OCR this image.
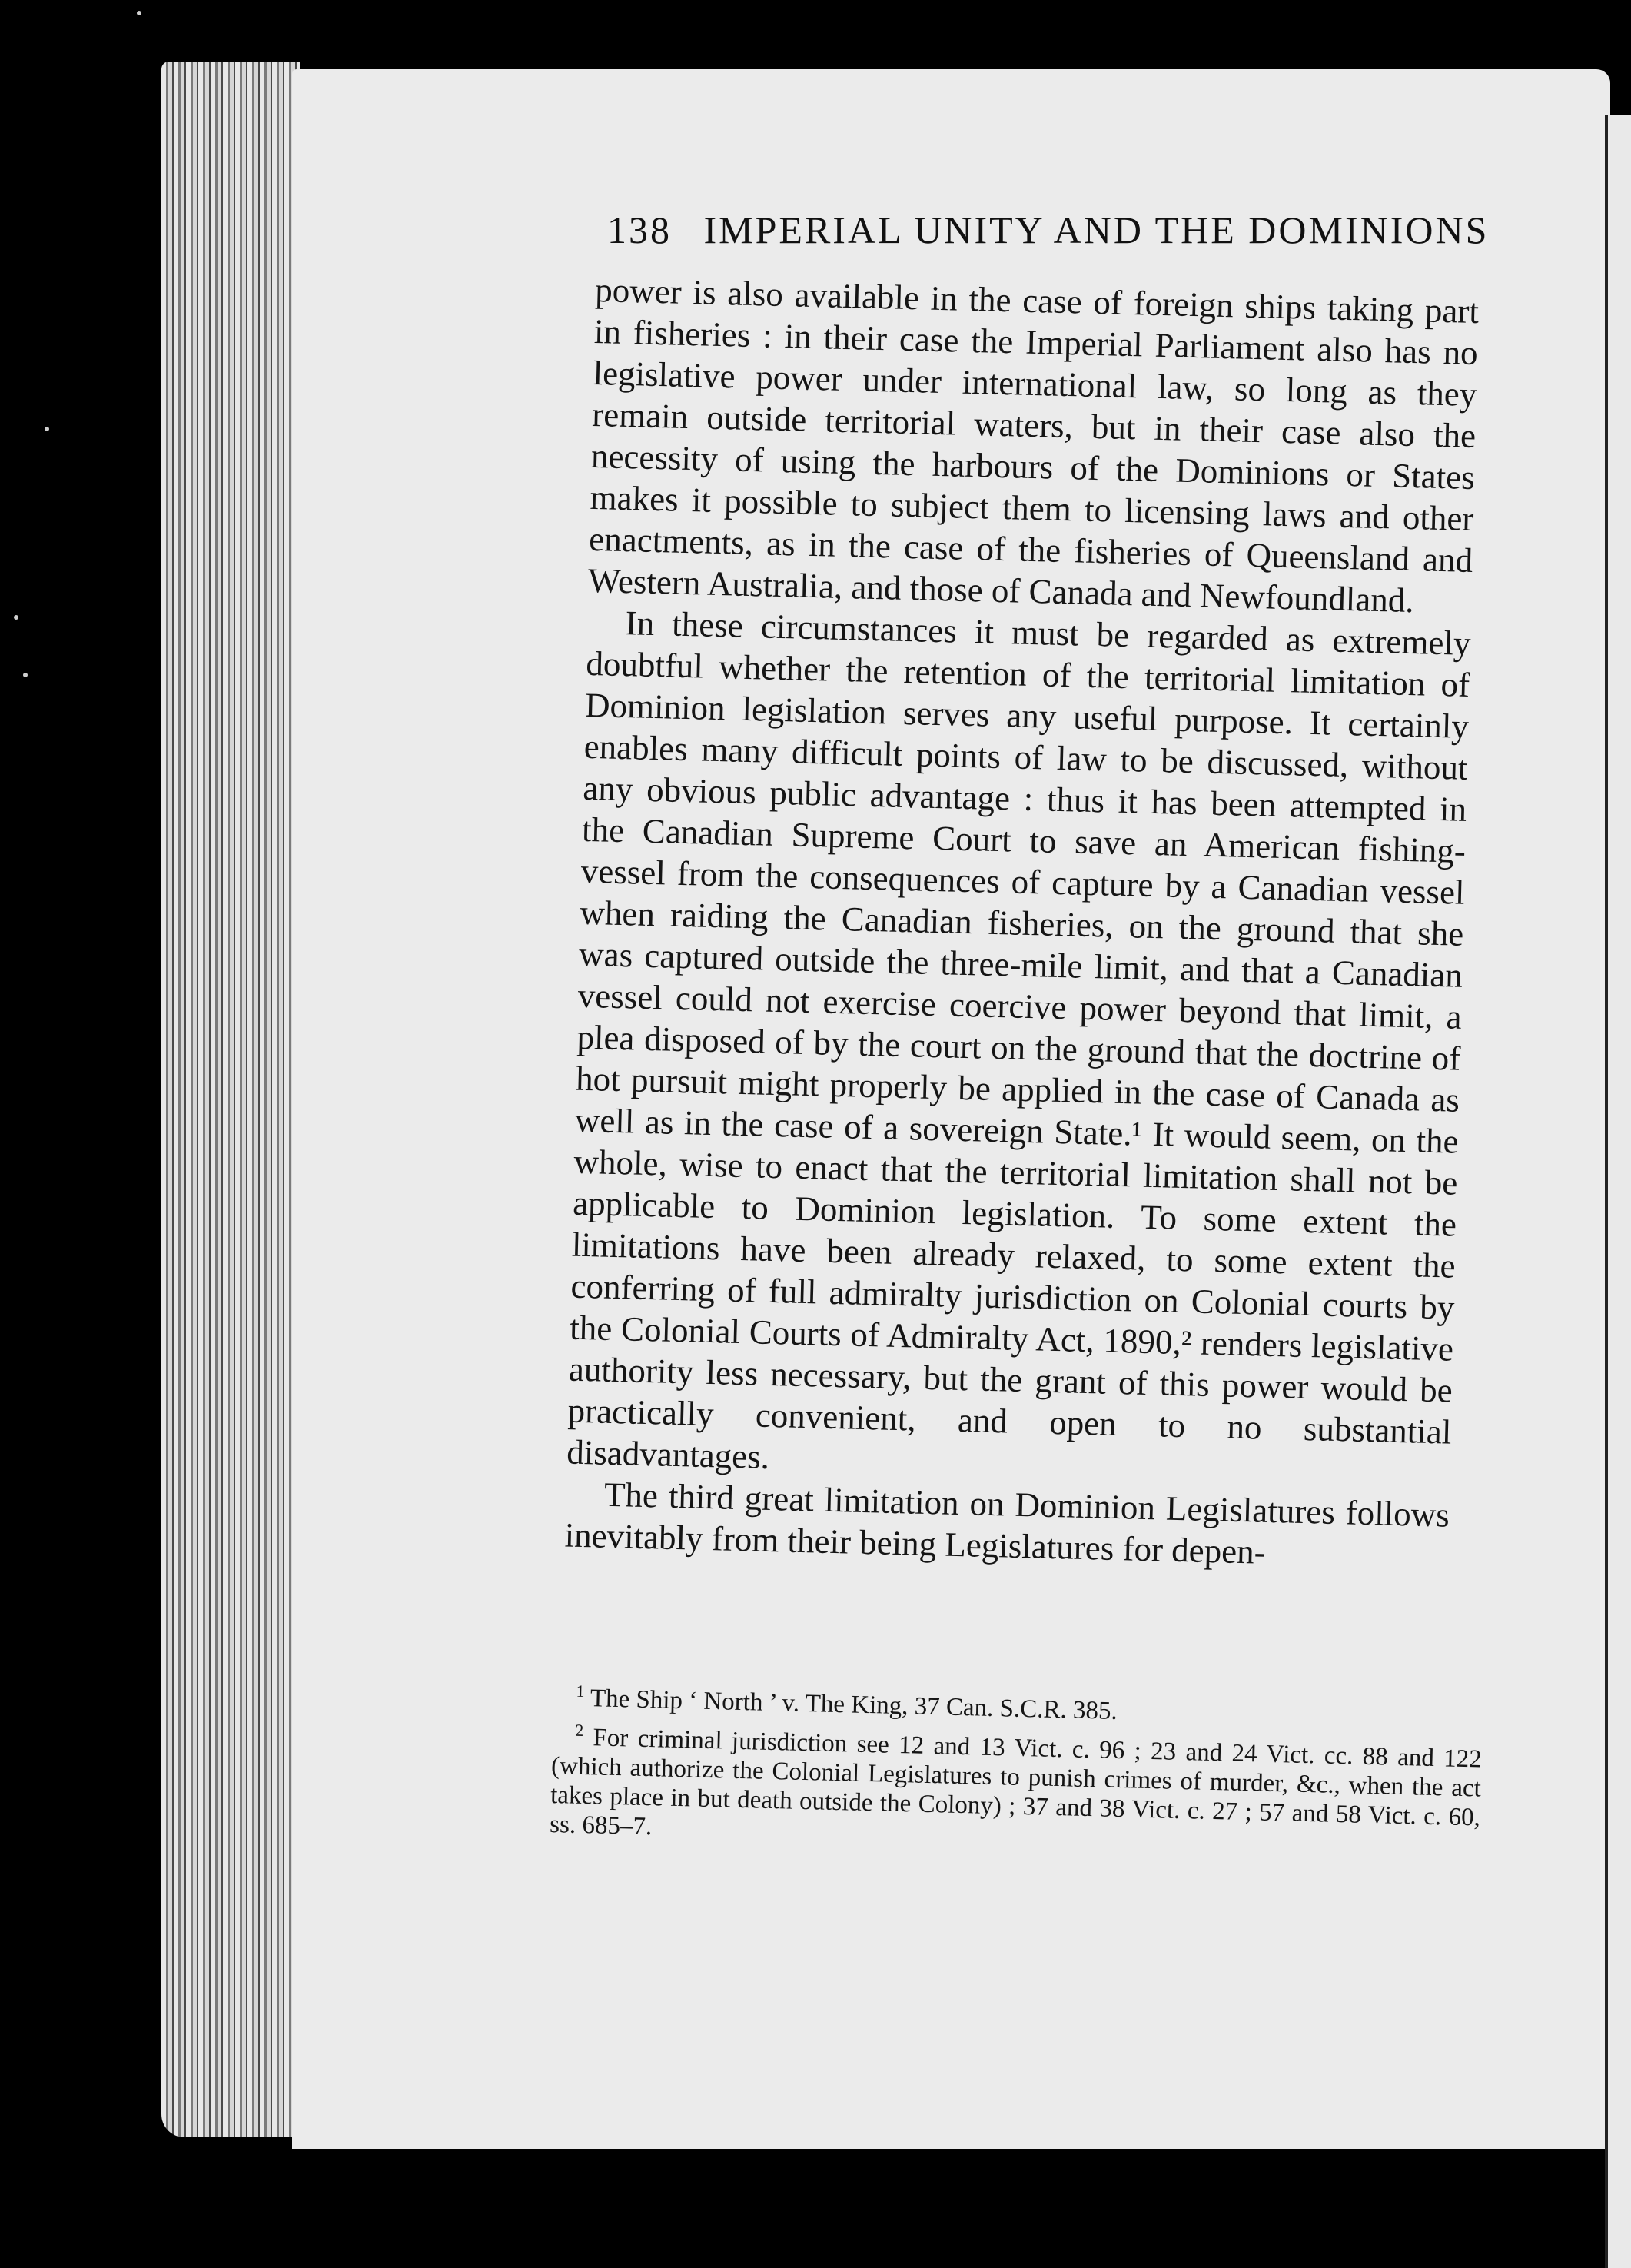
138 IMPERIAL UNITY AND THE DOMINIONS

power is also available in the case of foreign ships taking part in fisheries : in their case the Imperial Parliament also has no legislative power under international law, so long as they remain outside territorial waters, but in their case also the necessity of using the harbours of the Dominions or States makes it possible to subject them to licensing laws and other enactments, as in the case of the fisheries of Queensland and Western Australia, and those of Canada and Newfoundland.

In these circumstances it must be regarded as extremely doubtful whether the retention of the territorial limitation of Dominion legislation serves any useful purpose. It certainly enables many difficult points of law to be discussed, without any obvious public advantage : thus it has been attempted in the Canadian Supreme Court to save an American fishing-vessel from the consequences of capture by a Canadian vessel when raiding the Canadian fisheries, on the ground that she was captured outside the three-mile limit, and that a Canadian vessel could not exercise coercive power beyond that limit, a plea disposed of by the court on the ground that the doctrine of hot pursuit might properly be applied in the case of Canada as well as in the case of a sovereign State.¹ It would seem, on the whole, wise to enact that the territorial limitation shall not be applicable to Dominion legislation. To some extent the limitations have been already relaxed, to some extent the conferring of full admiralty jurisdiction on Colonial courts by the Colonial Courts of Admiralty Act, 1890,² renders legislative authority less necessary, but the grant of this power would be practically convenient, and open to no substantial disadvantages.

The third great limitation on Dominion Legislatures follows inevitably from their being Legislatures for depen-

$^1$ The Ship ‘ North ’ v. The King, 37 Can. S.C.R. 385.

$^2$ For criminal jurisdiction see 12 and 13 Vict. c. 96 ; 23 and 24 Vict. cc. 88 and 122 (which authorize the Colonial Legislatures to punish crimes of murder, &c., when the act takes place in but death outside the Colony) ; 37 and 38 Vict. c. 27 ; 57 and 58 Vict. c. 60, ss. 685–7.
